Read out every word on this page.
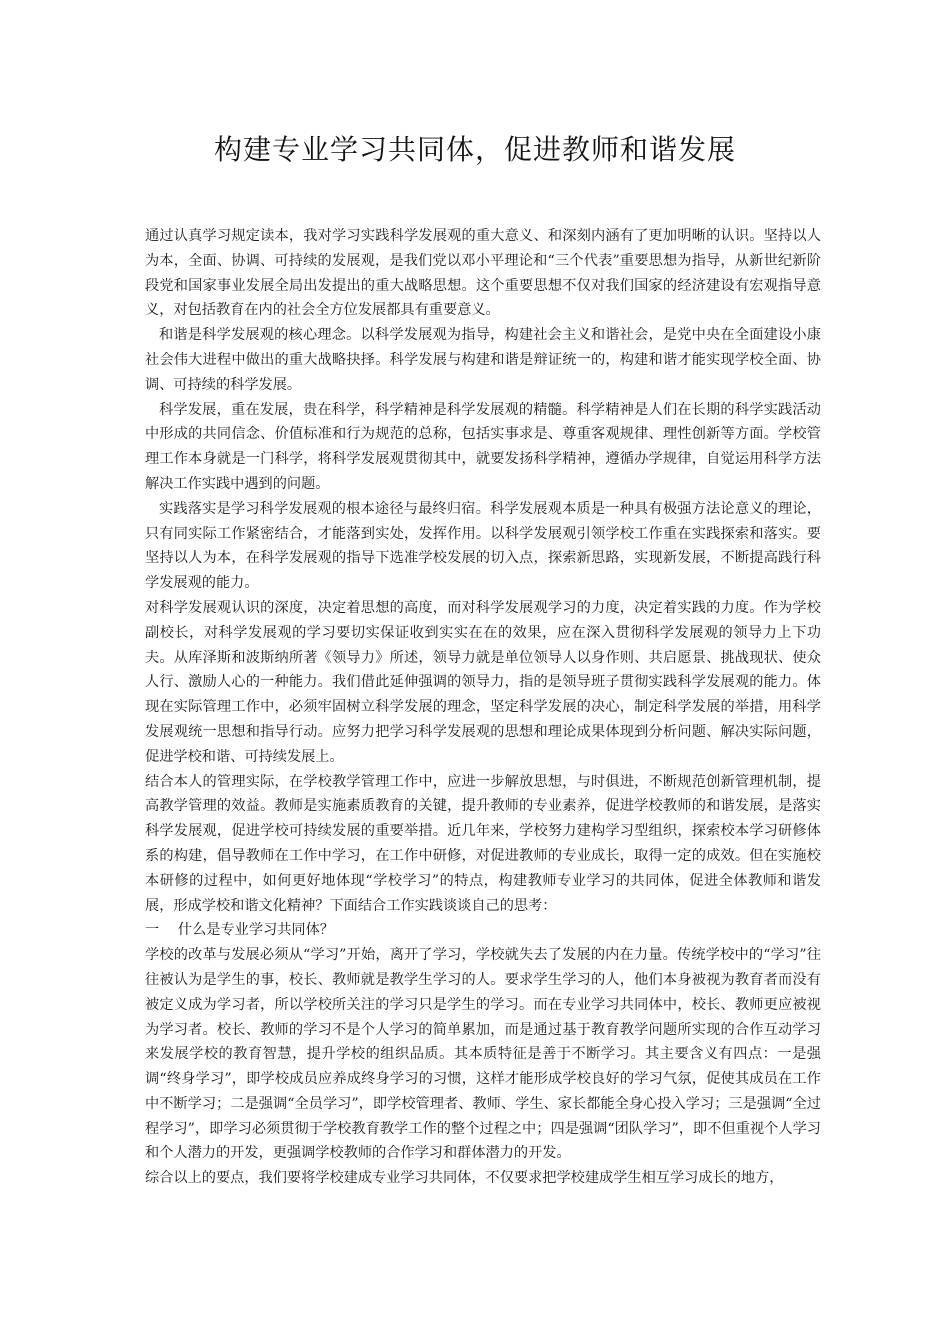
构建专业学习共同体，促进教师和谐发展

通过认真学习规定读本，我对学习实践科学发展观的重大意义、和深刻内涵有了更加明晰的认识。坚持以人为本，全面、协调、可持续的发展观，是我们党以邓小平理论和“三个代表”重要思想为指导，从新世纪新阶段党和国家事业发展全局出发提出的重大战略思想。这个重要思想不仅对我们国家的经济建设有宏观指导意义，对包括教育在内的社会全方位发展都具有重要意义。

和谐是科学发展观的核心理念。以科学发展观为指导，构建社会主义和谐社会，是党中央在全面建设小康社会伟大进程中做出的重大战略抉择。科学发展与构建和谐是辩证统一的，构建和谐才能实现学校全面、协调、可持续的科学发展。

科学发展，重在发展，贵在科学，科学精神是科学发展观的精髓。科学精神是人们在长期的科学实践活动中形成的共同信念、价值标准和行为规范的总称，包括实事求是、尊重客观规律、理性创新等方面。学校管理工作本身就是一门科学，将科学发展观贯彻其中，就要发扬科学精神，遵循办学规律，自觉运用科学方法解决工作实践中遇到的问题。

实践落实是学习科学发展观的根本途径与最终归宿。科学发展观本质是一种具有极强方法论意义的理论，只有同实际工作紧密结合，才能落到实处，发挥作用。以科学发展观引领学校工作重在实践探索和落实。要坚持以人为本，在科学发展观的指导下选准学校发展的切入点，探索新思路，实现新发展，不断提高践行科学发展观的能力。

对科学发展观认识的深度，决定着思想的高度，而对科学发展观学习的力度，决定着实践的力度。作为学校副校长，对科学发展观的学习要切实保证收到实实在在的效果，应在深入贯彻科学发展观的领导力上下功夫。从库泽斯和波斯纳所著《领导力》所述，领导力就是单位领导人以身作则、共启愿景、挑战现状、使众人行、激励人心的一种能力。我们借此延伸强调的领导力，指的是领导班子贯彻实践科学发展观的能力。体现在实际管理工作中，必须牢固树立科学发展的理念，坚定科学发展的决心，制定科学发展的举措，用科学发展观统一思想和指导行动。应努力把学习科学发展观的思想和理论成果体现到分析问题、解决实际问题，促进学校和谐、可持续发展上。

结合本人的管理实际，在学校教学管理工作中，应进一步解放思想，与时俱进，不断规范创新管理机制，提高教学管理的效益。教师是实施素质教育的关键，提升教师的专业素养，促进学校教师的和谐发展，是落实科学发展观，促进学校可持续发展的重要举措。近几年来，学校努力建构学习型组织，探索校本学习研修体系的构建，倡导教师在工作中学习，在工作中研修，对促进教师的专业成长，取得一定的成效。但在实施校本研修的过程中，如何更好地体现“学校学习”的特点，构建教师专业学习的共同体，促进全体教师和谐发展，形成学校和谐文化精神？下面结合工作实践谈谈自己的思考：

一　 什么是专业学习共同体？

学校的改革与发展必须从“学习”开始，离开了学习，学校就失去了发展的内在力量。传统学校中的“学习”往往被认为是学生的事，校长、教师就是教学生学习的人。要求学生学习的人，他们本身被视为教育者而没有被定义成为学习者，所以学校所关注的学习只是学生的学习。而在专业学习共同体中，校长、教师更应被视为学习者。校长、教师的学习不是个人学习的简单累加，而是通过基于教育教学问题所实现的合作互动学习来发展学校的教育智慧，提升学校的组织品质。其本质特征是善于不断学习。其主要含义有四点：一是强调“终身学习”，即学校成员应养成终身学习的习惯，这样才能形成学校良好的学习气氛，促使其成员在工作中不断学习；二是强调“全员学习”，即学校管理者、教师、学生、家长都能全身心投入学习；三是强调“全过程学习”，即学习必须贯彻于学校教育教学工作的整个过程之中；四是强调“团队学习”，即不但重视个人学习和个人潜力的开发，更强调学校教师的合作学习和群体潜力的开发。

综合以上的要点，我们要将学校建成专业学习共同体，不仅要求把学校建成学生相互学习成长的地方，
